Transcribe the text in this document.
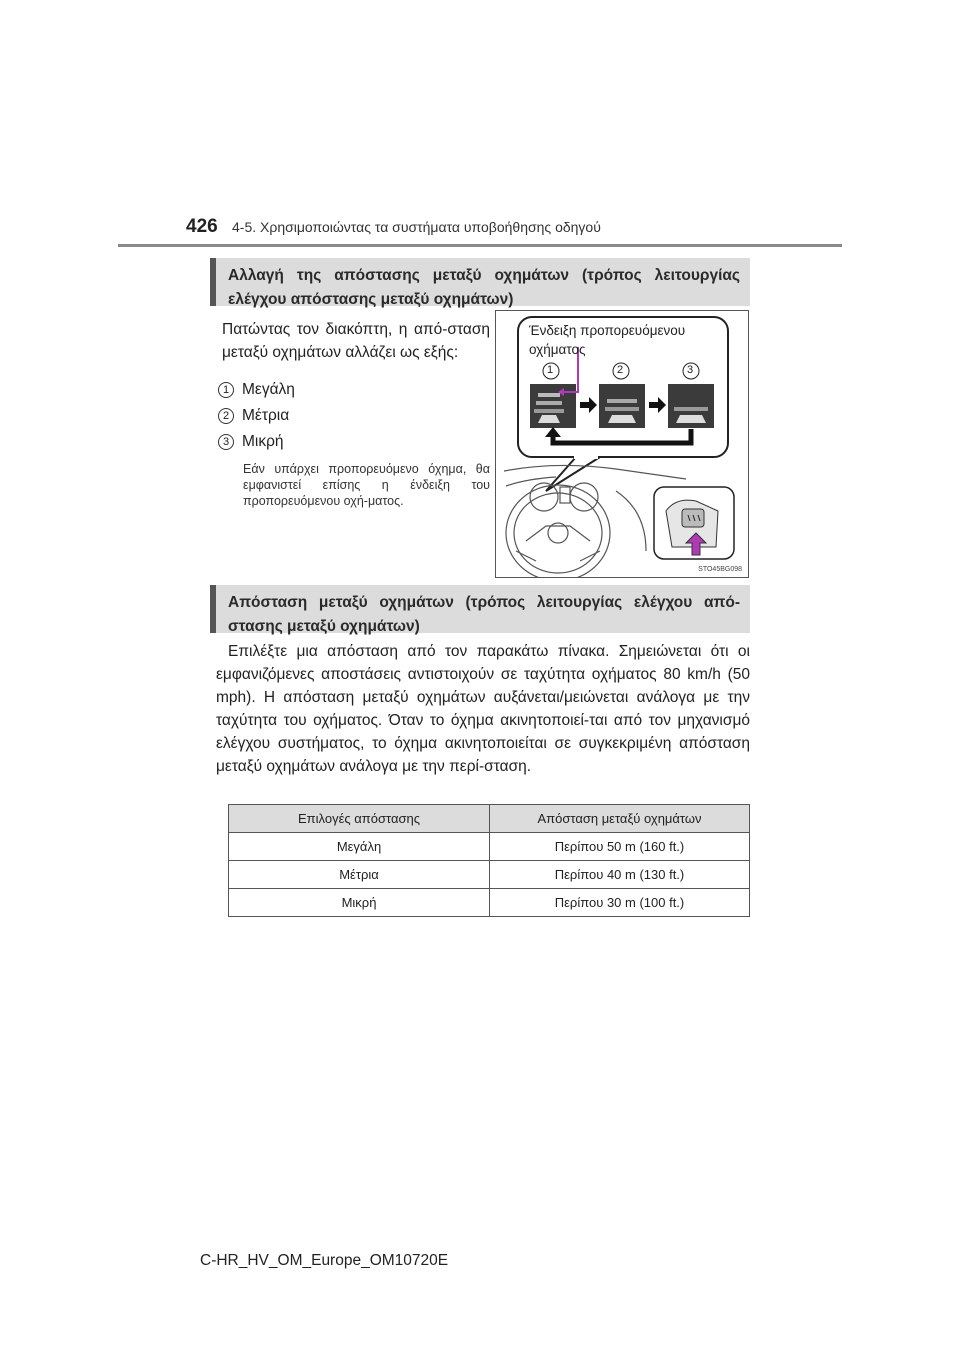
426 4-5. Χρησιμοποιώντας τα συστήματα υποβοήθησης οδηγού
Αλλαγή της απόστασης μεταξύ οχημάτων (τρόπος λειτουργίας ελέγχου απόστασης μεταξύ οχημάτων)
Πατώντας τον διακόπτη, η από-σταση μεταξύ οχημάτων αλλάζει ως εξής:
1 Μεγάλη
2 Μέτρια
3 Μικρή
Εάν υπάρχει προπορευόμενο όχημα, θα εμφανιστεί επίσης η ένδειξη του προπορευόμενου οχή-ματος.
Ένδειξη προπορευόμενου
οχήματος
1	2	3
STO45BG098
Απόσταση μεταξύ οχημάτων (τρόπος λειτουργίας ελέγχου από-στασης μεταξύ οχημάτων)
Επιλέξτε μια απόσταση από τον παρακάτω πίνακα. Σημειώνεται ότι οι εμφανιζόμενες αποστάσεις αντιστοιχούν σε ταχύτητα οχήματος 80 km/h (50 mph). Η απόσταση μεταξύ οχημάτων αυξάνεται/μειώνεται ανάλογα με την ταχύτητα του οχήματος. Όταν το όχημα ακινητοποιεί-ται από τον μηχανισμό ελέγχου συστήματος, το όχημα ακινητοποιείται σε συγκεκριμένη απόσταση μεταξύ οχημάτων ανάλογα με την περί-σταση.
Επιλογές απόστασης	Απόσταση μεταξύ οχημάτων
Μεγάλη	Περίπου 50 m (160 ft.)
Μέτρια	Περίπου 40 m (130 ft.)
Μικρή	Περίπου 30 m (100 ft.)
C-HR_HV_OM_Europe_OM10720E
